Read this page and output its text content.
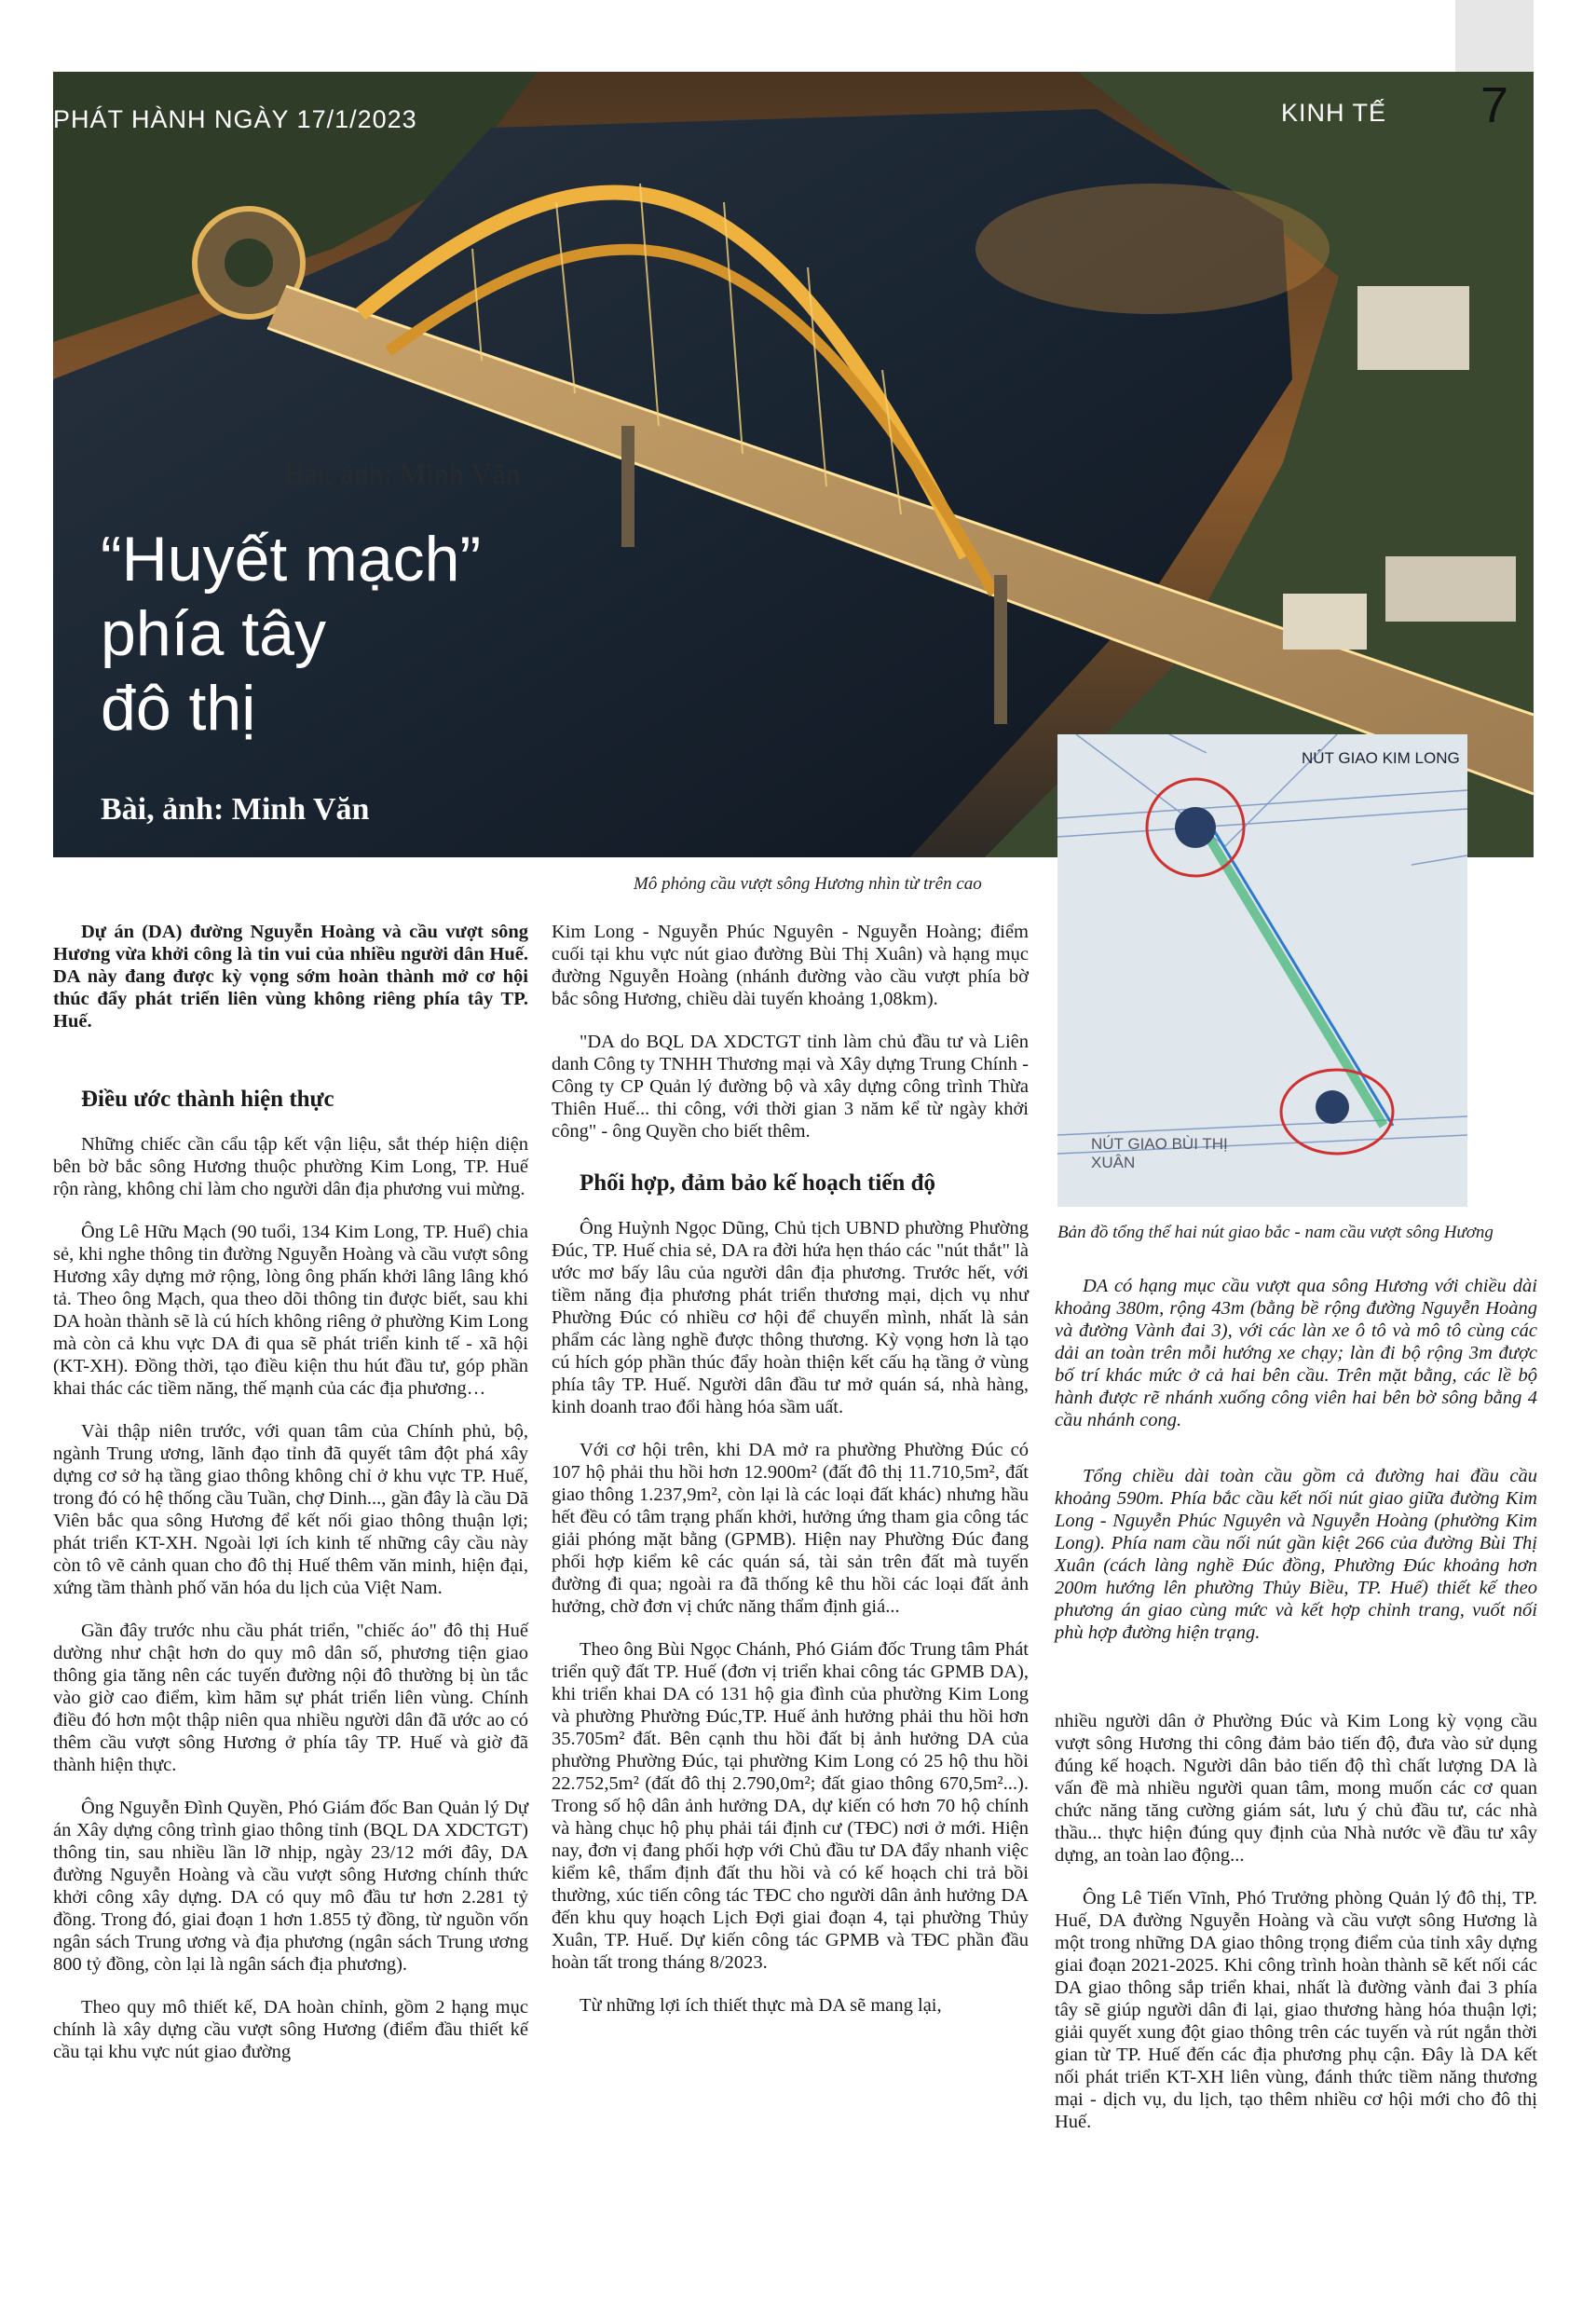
PHÁT HÀNH NGÀY 17/1/2023	KINH TẾ	7
Bài, ảnh: Minh Văn
“Huyết mạch”
phía tây
đô thị
Bài, ảnh: Minh Văn
Mô phỏng cầu vượt sông Hương nhìn từ trên cao
NÚT GIAO KIM LONG
NÚT GIAO BÙI THỊ XUÂN
Bản đồ tổng thể hai nút giao bắc - nam cầu vượt sông Hương

Dự án (DA) đường Nguyễn Hoàng và cầu vượt sông Hương vừa khởi công là tin vui của nhiều người dân Huế. DA này đang được kỳ vọng sớm hoàn thành mở cơ hội thúc đẩy phát triển liên vùng không riêng phía tây TP. Huế.

Điều ước thành hiện thực

Những chiếc cần cẩu tập kết vận liệu, sắt thép hiện diện bên bờ bắc sông Hương thuộc phường Kim Long, TP. Huế rộn ràng, không chỉ làm cho người dân địa phương vui mừng.

Ông Lê Hữu Mạch (90 tuổi, 134 Kim Long, TP. Huế) chia sẻ, khi nghe thông tin đường Nguyễn Hoàng và cầu vượt sông Hương xây dựng mở rộng, lòng ông phấn khởi lâng lâng khó tả. Theo ông Mạch, qua theo dõi thông tin được biết, sau khi DA hoàn thành sẽ là cú hích không riêng ở phường Kim Long mà còn cả khu vực DA đi qua sẽ phát triển kinh tế - xã hội (KT-XH). Đồng thời, tạo điều kiện thu hút đầu tư, góp phần khai thác các tiềm năng, thế mạnh của các địa phương…

Vài thập niên trước, với quan tâm của Chính phủ, bộ, ngành Trung ương, lãnh đạo tỉnh đã quyết tâm đột phá xây dựng cơ sở hạ tầng giao thông không chỉ ở khu vực TP. Huế, trong đó có hệ thống cầu Tuần, chợ Dinh..., gần đây là cầu Dã Viên bắc qua sông Hương để kết nối giao thông thuận lợi; phát triển KT-XH. Ngoài lợi ích kinh tế những cây cầu này còn tô vẽ cảnh quan cho đô thị Huế thêm văn minh, hiện đại, xứng tầm thành phố văn hóa du lịch của Việt Nam.

Gần đây trước nhu cầu phát triển, "chiếc áo" đô thị Huế dường như chật hơn do quy mô dân số, phương tiện giao thông gia tăng nên các tuyến đường nội đô thường bị ùn tắc vào giờ cao điểm, kìm hãm sự phát triển liên vùng. Chính điều đó hơn một thập niên qua nhiều người dân đã ước ao có thêm cầu vượt sông Hương ở phía tây TP. Huế và giờ đã thành hiện thực.

Ông Nguyễn Đình Quyền, Phó Giám đốc Ban Quản lý Dự án Xây dựng công trình giao thông tỉnh (BQL DA XDCTGT) thông tin, sau nhiều lần lỡ nhịp, ngày 23/12 mới đây, DA đường Nguyễn Hoàng và cầu vượt sông Hương chính thức khởi công xây dựng. DA có quy mô đầu tư hơn 2.281 tỷ đồng. Trong đó, giai đoạn 1 hơn 1.855 tỷ đồng, từ nguồn vốn ngân sách Trung ương và địa phương (ngân sách Trung ương 800 tỷ đồng, còn lại là ngân sách địa phương).

Theo quy mô thiết kế, DA hoàn chỉnh, gồm 2 hạng mục chính là xây dựng cầu vượt sông Hương (điểm đầu thiết kế cầu tại khu vực nút giao đường

Kim Long - Nguyễn Phúc Nguyên - Nguyễn Hoàng; điểm cuối tại khu vực nút giao đường Bùi Thị Xuân) và hạng mục đường Nguyễn Hoàng (nhánh đường vào cầu vượt phía bờ bắc sông Hương, chiều dài tuyến khoảng 1,08km).

"DA do BQL DA XDCTGT tỉnh làm chủ đầu tư và Liên danh Công ty TNHH Thương mại và Xây dựng Trung Chính - Công ty CP Quản lý đường bộ và xây dựng công trình Thừa Thiên Huế... thi công, với thời gian 3 năm kể từ ngày khởi công" - ông Quyền cho biết thêm.

Phối hợp, đảm bảo kế hoạch tiến độ

Ông Huỳnh Ngọc Dũng, Chủ tịch UBND phường Phường Đúc, TP. Huế chia sẻ, DA ra đời hứa hẹn tháo các "nút thắt" là ước mơ bấy lâu của người dân địa phương. Trước hết, với tiềm năng địa phương phát triển thương mại, dịch vụ như Phường Đúc có nhiều cơ hội để chuyển mình, nhất là sản phẩm các làng nghề được thông thương. Kỳ vọng hơn là tạo cú hích góp phần thúc đẩy hoàn thiện kết cấu hạ tầng ở vùng phía tây TP. Huế. Người dân đầu tư mở quán sá, nhà hàng, kinh doanh trao đổi hàng hóa sầm uất.

Với cơ hội trên, khi DA mở ra phường Phường Đúc có 107 hộ phải thu hồi hơn 12.900m² (đất đô thị 11.710,5m², đất giao thông 1.237,9m², còn lại là các loại đất khác) nhưng hầu hết đều có tâm trạng phấn khởi, hưởng ứng tham gia công tác giải phóng mặt bằng (GPMB). Hiện nay Phường Đúc đang phối hợp kiểm kê các quán sá, tài sản trên đất mà tuyến đường đi qua; ngoài ra đã thống kê thu hồi các loại đất ảnh hưởng, chờ đơn vị chức năng thẩm định giá...

Theo ông Bùi Ngọc Chánh, Phó Giám đốc Trung tâm Phát triển quỹ đất TP. Huế (đơn vị triển khai công tác GPMB DA), khi triển khai DA có 131 hộ gia đình của phường Kim Long và phường Phường Đúc,TP. Huế ảnh hưởng phải thu hồi hơn 35.705m² đất. Bên cạnh thu hồi đất bị ảnh hưởng DA của phường Phường Đúc, tại phường Kim Long có 25 hộ thu hồi 22.752,5m² (đất đô thị 2.790,0m²; đất giao thông 670,5m²...). Trong số hộ dân ảnh hưởng DA, dự kiến có hơn 70 hộ chính và hàng chục hộ phụ phải tái định cư (TĐC) nơi ở mới. Hiện nay, đơn vị đang phối hợp với Chủ đầu tư DA đẩy nhanh việc kiểm kê, thẩm định đất thu hồi và có kế hoạch chi trả bồi thường, xúc tiến công tác TĐC cho người dân ảnh hưởng DA đến khu quy hoạch Lịch Đợi giai đoạn 4, tại phường Thủy Xuân, TP. Huế. Dự kiến công tác GPMB và TĐC phần đầu hoàn tất trong tháng 8/2023.

Từ những lợi ích thiết thực mà DA sẽ mang lại,

DA có hạng mục cầu vượt qua sông Hương với chiều dài khoảng 380m, rộng 43m (bằng bề rộng đường Nguyễn Hoàng và đường Vành đai 3), với các làn xe ô tô và mô tô cùng các dải an toàn trên mỗi hướng xe chạy; làn đi bộ rộng 3m được bố trí khác mức ở cả hai bên cầu. Trên mặt bằng, các lề bộ hành được rẽ nhánh xuống công viên hai bên bờ sông bằng 4 cầu nhánh cong.

Tổng chiều dài toàn cầu gồm cả đường hai đầu cầu khoảng 590m. Phía bắc cầu kết nối nút giao giữa đường Kim Long - Nguyễn Phúc Nguyên và Nguyễn Hoàng (phường Kim Long). Phía nam cầu nối nút gần kiệt 266 của đường Bùi Thị Xuân (cách làng nghề Đúc đồng, Phường Đúc khoảng hơn 200m hướng lên phường Thủy Biều, TP. Huế) thiết kế theo phương án giao cùng mức và kết hợp chỉnh trang, vuốt nối phù hợp đường hiện trạng.

nhiều người dân ở Phường Đúc và Kim Long kỳ vọng cầu vượt sông Hương thi công đảm bảo tiến độ, đưa vào sử dụng đúng kế hoạch. Người dân bảo tiến độ thì chất lượng DA là vấn đề mà nhiều người quan tâm, mong muốn các cơ quan chức năng tăng cường giám sát, lưu ý chủ đầu tư, các nhà thầu... thực hiện đúng quy định của Nhà nước về đầu tư xây dựng, an toàn lao động...

Ông Lê Tiến Vĩnh, Phó Trưởng phòng Quản lý đô thị, TP. Huế, DA đường Nguyễn Hoàng và cầu vượt sông Hương là một trong những DA giao thông trọng điểm của tỉnh xây dựng giai đoạn 2021-2025. Khi công trình hoàn thành sẽ kết nối các DA giao thông sắp triển khai, nhất là đường vành đai 3 phía tây sẽ giúp người dân đi lại, giao thương hàng hóa thuận lợi; giải quyết xung đột giao thông trên các tuyến và rút ngắn thời gian từ TP. Huế đến các địa phương phụ cận. Đây là DA kết nối phát triển KT-XH liên vùng, đánh thức tiềm năng thương mại - dịch vụ, du lịch, tạo thêm nhiều cơ hội mới cho đô thị Huế.
